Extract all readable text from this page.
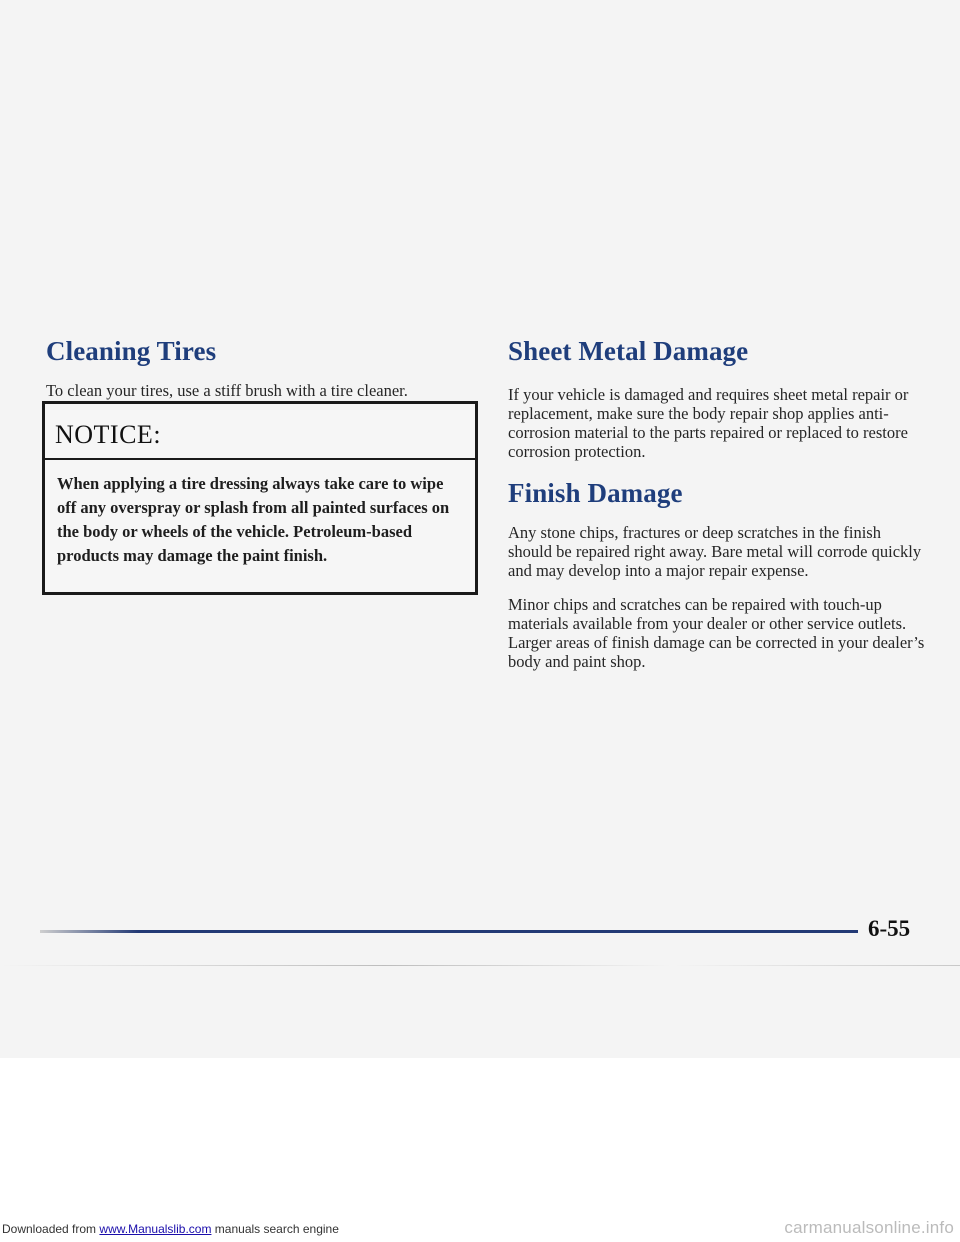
Cleaning Tires

To clean your tires, use a stiff brush with a tire cleaner.

NOTICE:
When applying a tire dressing always take care to wipe off any overspray or splash from all painted surfaces on the body or wheels of the vehicle. Petroleum-based products may damage the paint finish.
Sheet Metal Damage

If your vehicle is damaged and requires sheet metal repair or replacement, make sure the body repair shop applies anti-corrosion material to the parts repaired or replaced to restore corrosion protection.

Finish Damage

Any stone chips, fractures or deep scratches in the finish should be repaired right away. Bare metal will corrode quickly and may develop into a major repair expense.

Minor chips and scratches can be repaired with touch-up materials available from your dealer or other service outlets. Larger areas of finish damage can be corrected in your dealer’s body and paint shop.

6-55
Downloaded from www.Manualslib.com manuals search engine	carmanualsonline.info
